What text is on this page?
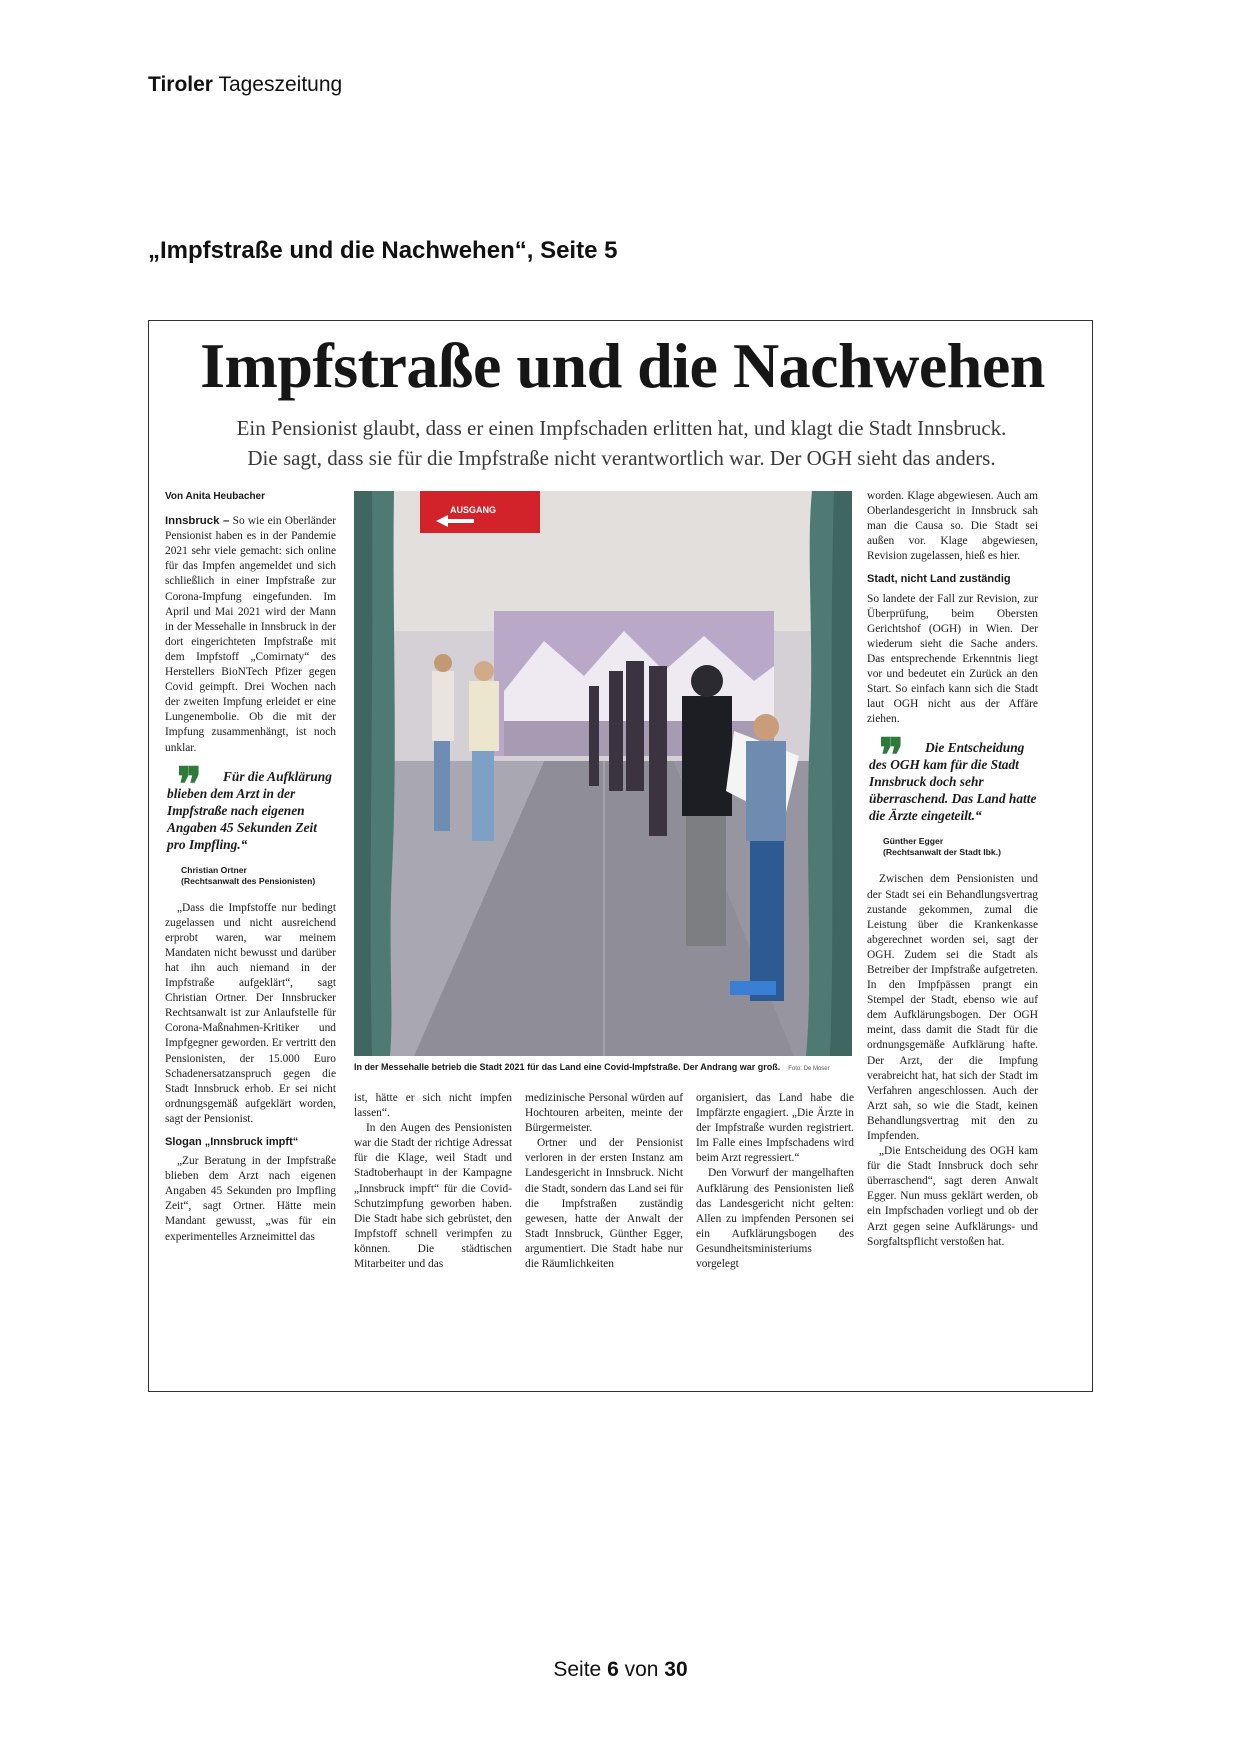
Tiroler Tageszeitung
„Impfstraße und die Nachwehen“, Seite 5
Impfstraße und die Nachwehen
Ein Pensionist glaubt, dass er einen Impfschaden erlitten hat, und klagt die Stadt Innsbruck.
Die sagt, dass sie für die Impfstraße nicht verantwortlich war. Der OGH sieht das anders.
Von Anita Heubacher

Innsbruck – So wie ein Oberländer Pensionist haben es in der Pandemie 2021 sehr viele gemacht: sich online für das Impfen angemeldet und sich schließlich in einer Impfstraße zur Corona-Impfung eingefunden. Im April und Mai 2021 wird der Mann in der Messehalle in Innsbruck in der dort eingerichteten Impfstraße mit dem Impfstoff „Comirnaty“ des Herstellers BioNTech Pfizer gegen Covid geimpft. Drei Wochen nach der zweiten Impfung erleidet er eine Lungenembolie. Ob die mit der Impfung zusammenhängt, ist noch unklar.

❞	Für die Aufklärung blieben dem Arzt in der Impfstraße nach eigenen Angaben 45 Sekunden Zeit pro Impfling.“
Christian Ortner
(Rechtsanwalt des Pensionisten)

„Dass die Impfstoffe nur bedingt zugelassen und nicht ausreichend erprobt waren, war meinem Mandaten nicht bewusst und darüber hat ihn auch niemand in der Impfstraße aufgeklärt“, sagt Christian Ortner. Der Innsbrucker Rechtsanwalt ist zur Anlaufstelle für Corona-Maßnahmen-Kritiker und Impfgegner geworden. Er vertritt den Pensionisten, der 15.000 Euro Schadenersatzanspruch gegen die Stadt Innsbruck erhob. Er sei nicht ordnungsgemäß aufgeklärt worden, sagt der Pensionist.

Slogan „Innsbruck impft“

„Zur Beratung in der Impfstraße blieben dem Arzt nach eigenen Angaben 45 Sekunden pro Impfling Zeit“, sagt Ortner. Hätte mein Mandant gewusst, „was für ein experimentelles Arzneimittel das

AUSGANG
In der Messehalle betrieb die Stadt 2021 für das Land eine Covid-Impfstraße. Der Andrang war groß. Foto: De Moser

ist, hätte er sich nicht impfen lassen“.

In den Augen des Pensionisten war die Stadt der richtige Adressat für die Klage, weil Stadt und Stadtoberhaupt in der Kampagne „Innsbruck impft“ für die Covid-Schutzimpfung geworben haben. Die Stadt habe sich gebrüstet, den Impfstoff schnell verimpfen zu können. Die städtischen Mitarbeiter und das

medizinische Personal würden auf Hochtouren arbeiten, meinte der Bürgermeister.

Ortner und der Pensionist verloren in der ersten Instanz am Landesgericht in Innsbruck. Nicht die Stadt, sondern das Land sei für die Impfstraßen zuständig gewesen, hatte der Anwalt der Stadt Innsbruck, Günther Egger, argumentiert. Die Stadt habe nur die Räumlichkeiten

organisiert, das Land habe die Impfärzte engagiert. „Die Ärzte in der Impfstraße wurden registriert. Im Falle eines Impfschadens wird beim Arzt regressiert.“

Den Vorwurf der mangelhaften Aufklärung des Pensionisten ließ das Landesgericht nicht gelten: Allen zu impfenden Personen sei ein Aufklärungsbogen des Gesundheitsministeriums vorgelegt

worden. Klage abgewiesen. Auch am Oberlandesgericht in Innsbruck sah man die Causa so. Die Stadt sei außen vor. Klage abgewiesen, Revision zugelassen, hieß es hier.

Stadt, nicht Land zuständig

So landete der Fall zur Revision, zur Überprüfung, beim Obersten Gerichtshof (OGH) in Wien. Der wiederum sieht die Sache anders. Das entsprechende Erkenntnis liegt vor und bedeutet ein Zurück an den Start. So einfach kann sich die Stadt laut OGH nicht aus der Affäre ziehen.

❞	Die Entscheidung des OGH kam für die Stadt Innsbruck doch sehr überraschend. Das Land hatte die Ärzte eingeteilt.“
Günther Egger
(Rechtsanwalt der Stadt Ibk.)

Zwischen dem Pensionisten und der Stadt sei ein Behandlungsvertrag zustande gekommen, zumal die Leistung über die Krankenkasse abgerechnet worden sei, sagt der OGH. Zudem sei die Stadt als Betreiber der Impfstraße aufgetreten. In den Impfpässen prangt ein Stempel der Stadt, ebenso wie auf dem Aufklärungsbogen. Der OGH meint, dass damit die Stadt für die ordnungsgemäße Aufklärung hafte. Der Arzt, der die Impfung verabreicht hat, hat sich der Stadt im Verfahren angeschlossen. Auch der Arzt sah, so wie die Stadt, keinen Behandlungsvertrag mit den zu Impfenden.

„Die Entscheidung des OGH kam für die Stadt Innsbruck doch sehr überraschend“, sagt deren Anwalt Egger. Nun muss geklärt werden, ob ein Impfschaden vorliegt und ob der Arzt gegen seine Aufklärungs- und Sorgfaltspflicht verstoßen hat.

Seite 6 von 30
